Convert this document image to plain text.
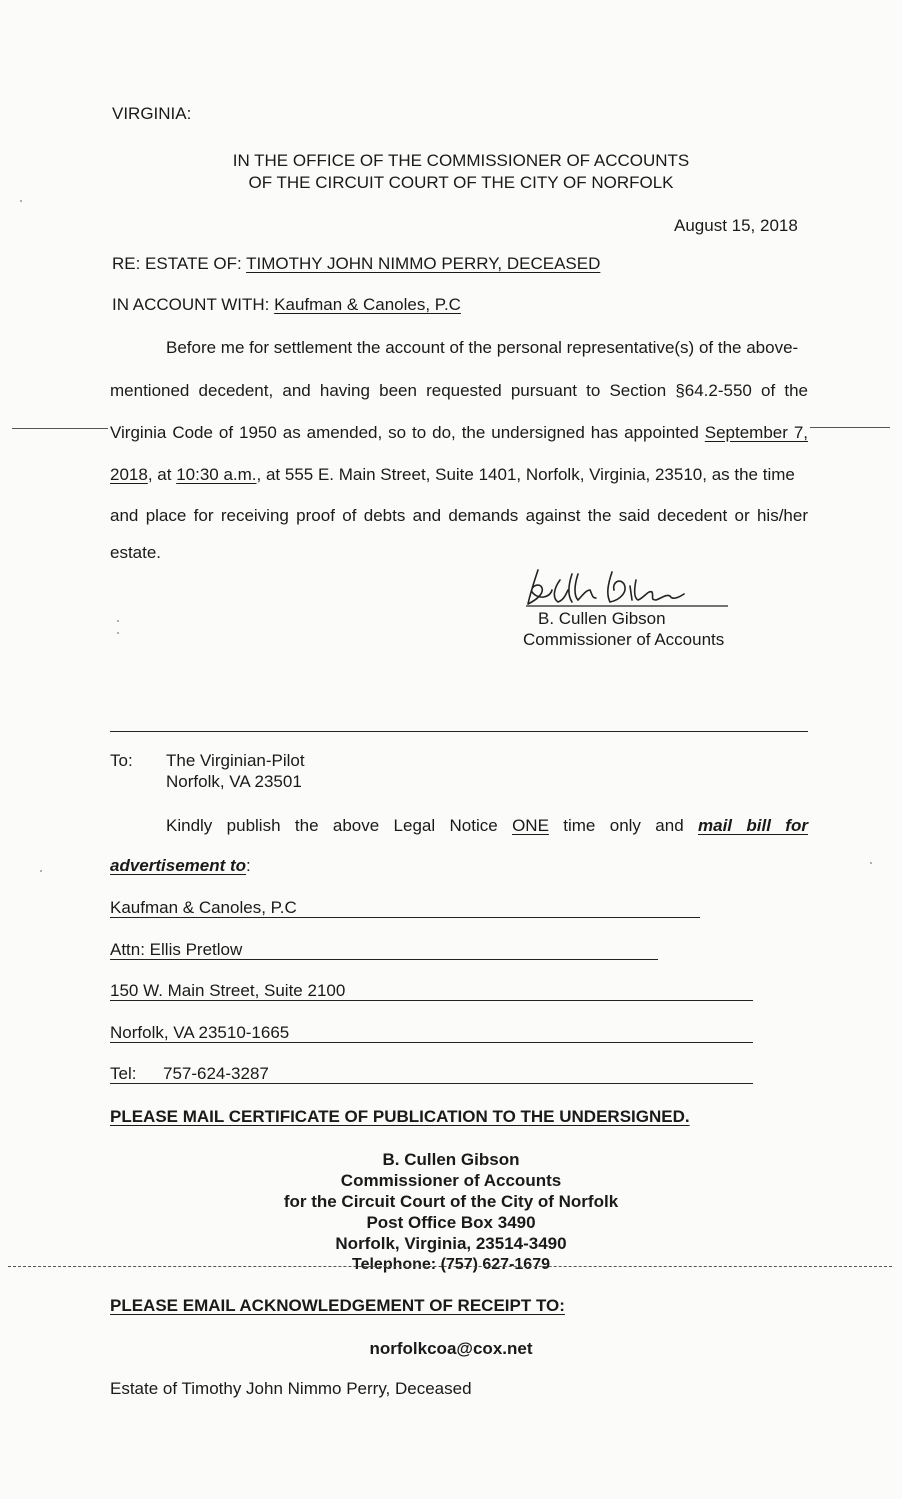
VIRGINIA:
IN THE OFFICE OF THE COMMISSIONER OF ACCOUNTS
OF THE CIRCUIT COURT OF THE CITY OF NORFOLK
August 15, 2018
RE: ESTATE OF: TIMOTHY JOHN NIMMO PERRY, DECEASED
IN ACCOUNT WITH: Kaufman & Canoles, P.C
Before me for settlement the account of the personal representative(s) of the above-
mentioned decedent, and having been requested pursuant to Section §64.2-550 of the
Virginia Code of 1950 as amended, so to do, the undersigned has appointed September 7,
2018, at 10:30 a.m., at 555 E. Main Street, Suite 1401, Norfolk, Virginia, 23510, as the time
and place for receiving proof of debts and demands against the said decedent or his/her
estate.
B. Cullen Gibson
Commissioner of Accounts
To: The Virginian-Pilot
Norfolk, VA 23501
Kindly publish the above Legal Notice ONE time only and mail bill for
advertisement to:
Kaufman & Canoles, P.C
Attn: Ellis Pretlow
150 W. Main Street, Suite 2100
Norfolk, VA 23510-1665
Tel: 757-624-3287
PLEASE MAIL CERTIFICATE OF PUBLICATION TO THE UNDERSIGNED.
B. Cullen Gibson
Commissioner of Accounts
for the Circuit Court of the City of Norfolk
Post Office Box 3490
Norfolk, Virginia, 23514-3490
Telephone: (757) 627-1679
PLEASE EMAIL ACKNOWLEDGEMENT OF RECEIPT TO:
norfolkcoa@cox.net
Estate of Timothy John Nimmo Perry, Deceased
